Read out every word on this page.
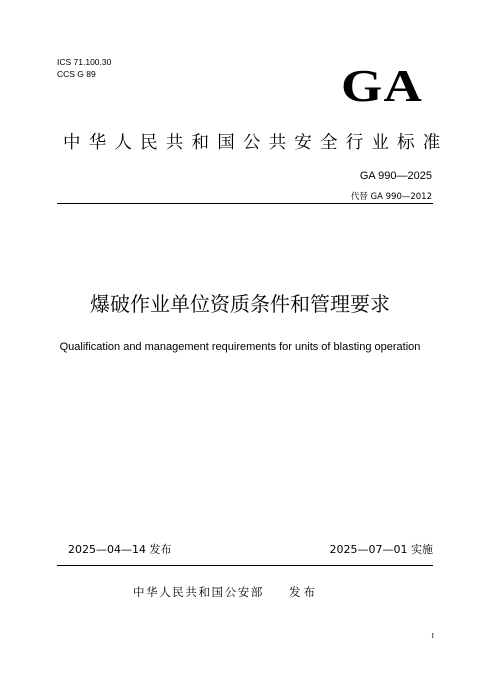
ICS 71.100.30
CCS G 89	GA
中华人民共和国公共安全行业标准
GA 990—2025
代替 GA 990—2012
爆破作业单位资质条件和管理要求
Qualification and management requirements for units of blasting operation
2025—04—14 发布	2025—07—01 实施
中华人民共和国公安部 发布
I
